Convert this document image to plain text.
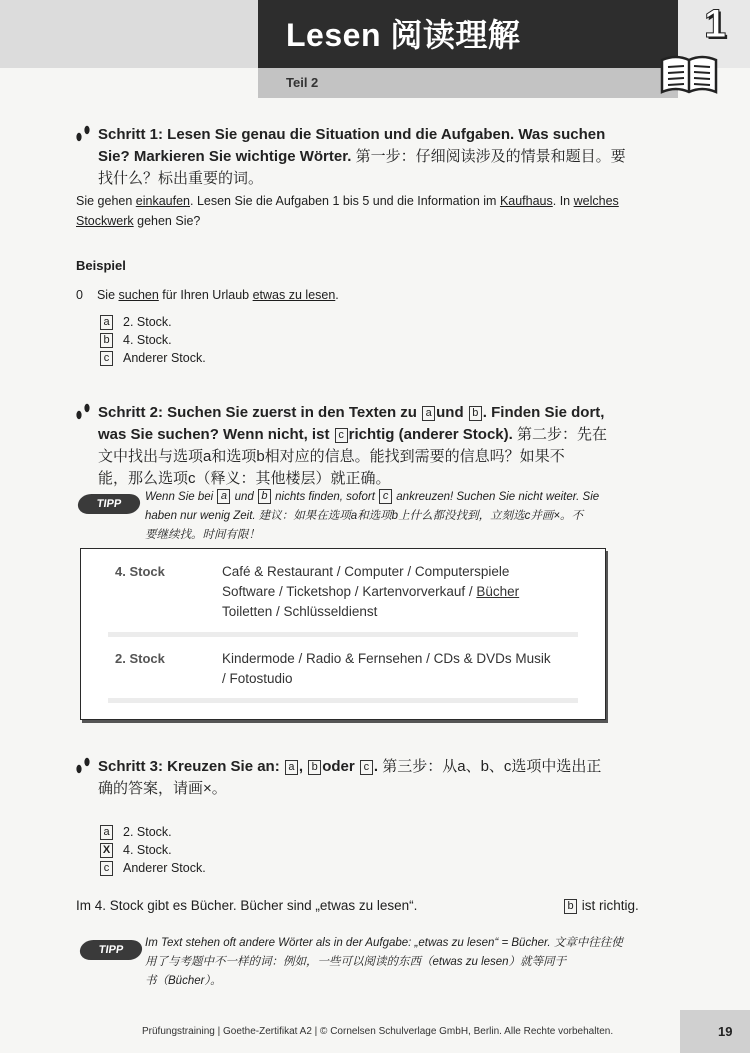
Lesen 阅读理解	1
Teil 2
Schritt 1: Lesen Sie genau die Situation und die Aufgaben. Was suchen Sie? Markieren Sie wichtige Wörter. 第一步：仔细阅读涉及的情景和题目。要找什么？标出重要的词。
Sie gehen einkaufen. Lesen Sie die Aufgaben 1 bis 5 und die Information im Kaufhaus. In welches
Stockwerk gehen Sie?
Beispiel
0 Sie suchen für Ihren Urlaub etwas zu lesen.
a 2. Stock.
b 4. Stock.
c Anderer Stock.
Schritt 2: Suchen Sie zuerst in den Texten zu a und b . Finden Sie dort,
was Sie suchen? Wenn nicht, ist c richtig (anderer Stock). 第二步：先在
文中找出与选项a和选项b相对应的信息。能找到需要的信息吗？如果不
能，那么选项c（释义：其他楼层）就正确。
TIPP
Wenn Sie bei a und b nichts finden, sofort c ankreuzen! Suchen Sie nicht weiter. Sie
haben nur wenig Zeit. 建议：如果在选项a和选项b上什么都没找到，立刻选c并画×。不
要继续找。时间有限！
4. Stock	Café & Restaurant / Computer / Computerspiele
Software / Ticketshop / Kartenvorverkauf / Bücher
Toiletten / Schlüsseldienst
2. Stock	Kindermode / Radio & Fernsehen / CDs & DVDs Musik
/ Fotostudio
Schritt 3: Kreuzen Sie an: a , b oder c . 第三步：从a、b、c选项中选出正
确的答案，请画×。
a 2. Stock.
X 4. Stock.
c Anderer Stock.
Im 4. Stock gibt es Bücher. Bücher sind „etwas zu lesen“.	b ist richtig.
TIPP
Im Text stehen oft andere Wörter als in der Aufgabe: „etwas zu lesen“ = Bücher. 文章中往往使
用了与考题中不一样的词：例如，一些可以阅读的东西（etwas zu lesen）就等同于
书（Bücher）。
Prüfungstraining | Goethe-Zertifikat A2 | © Cornelsen Schulverlage GmbH, Berlin. Alle Rechte vorbehalten.	19
